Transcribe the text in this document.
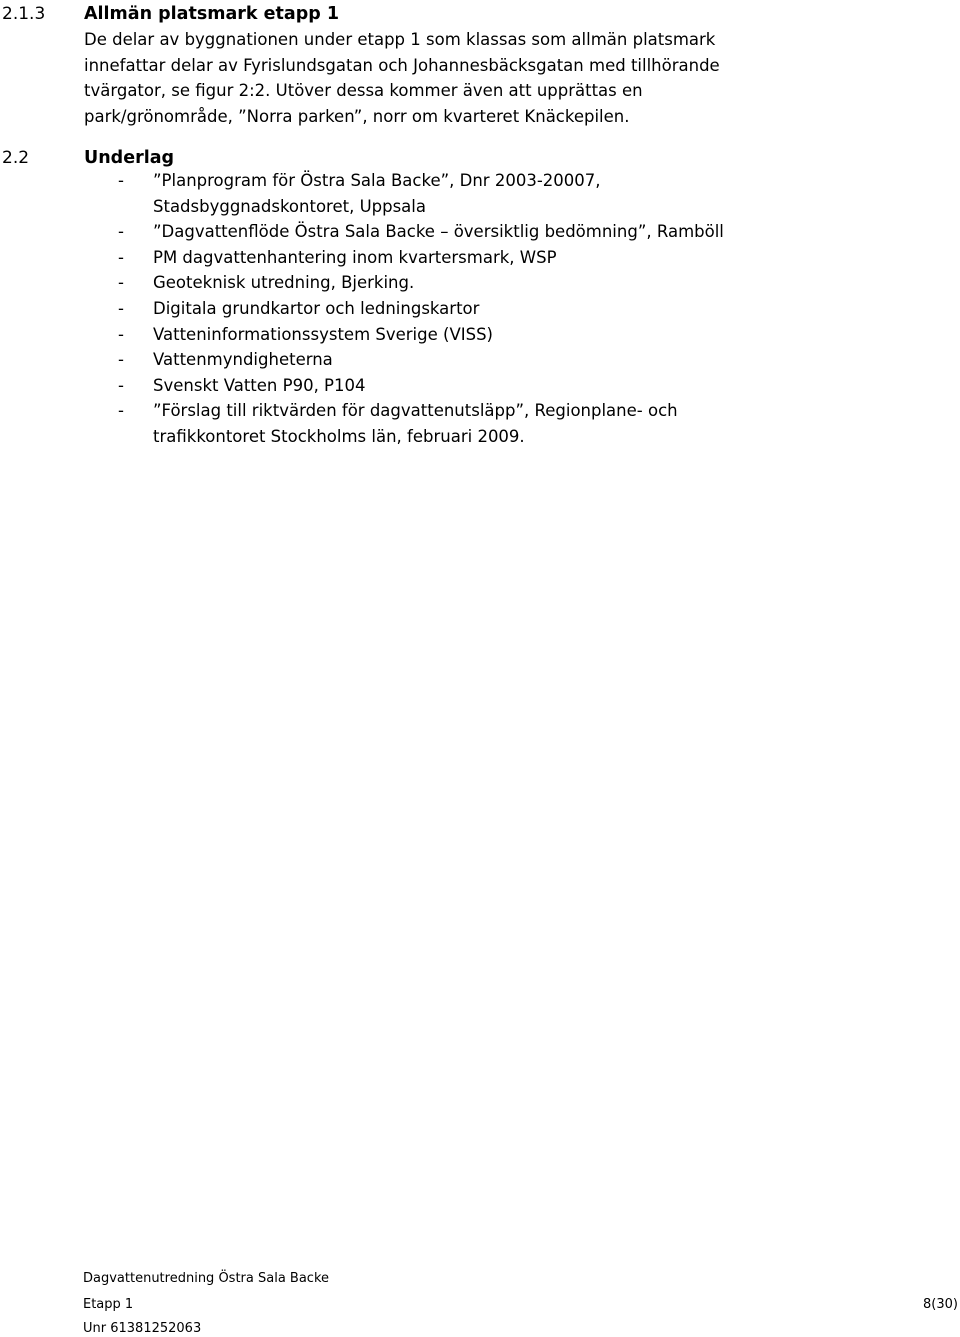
2.1.3 Allmän platsmark etapp 1
De delar av byggnationen under etapp 1 som klassas som allmän platsmark
innefattar delar av Fyrislundsgatan och Johannesbäcksgatan med tillhörande
tvärgator, se figur 2:2. Utöver dessa kommer även att upprättas en
park/grönområde, ”Norra parken”, norr om kvarteret Knäckepilen.
2.2	Underlag
- ”Planprogram för Östra Sala Backe”, Dnr 2003-20007,
Stadsbyggnadskontoret, Uppsala
- ”Dagvattenflöde Östra Sala Backe – översiktlig bedömning”, Ramböll
- PM dagvattenhantering inom kvartersmark, WSP
- Geoteknisk utredning, Bjerking.
- Digitala grundkartor och ledningskartor
- Vatteninformationssystem Sverige (VISS)
- Vattenmyndigheterna
- Svenskt Vatten P90, P104
- ”Förslag till riktvärden för dagvattenutsläpp”, Regionplane- och
trafikkontoret Stockholms län, februari 2009.
Dagvattenutredning Östra Sala Backe
Etapp 1	8(30)
Unr 61381252063
